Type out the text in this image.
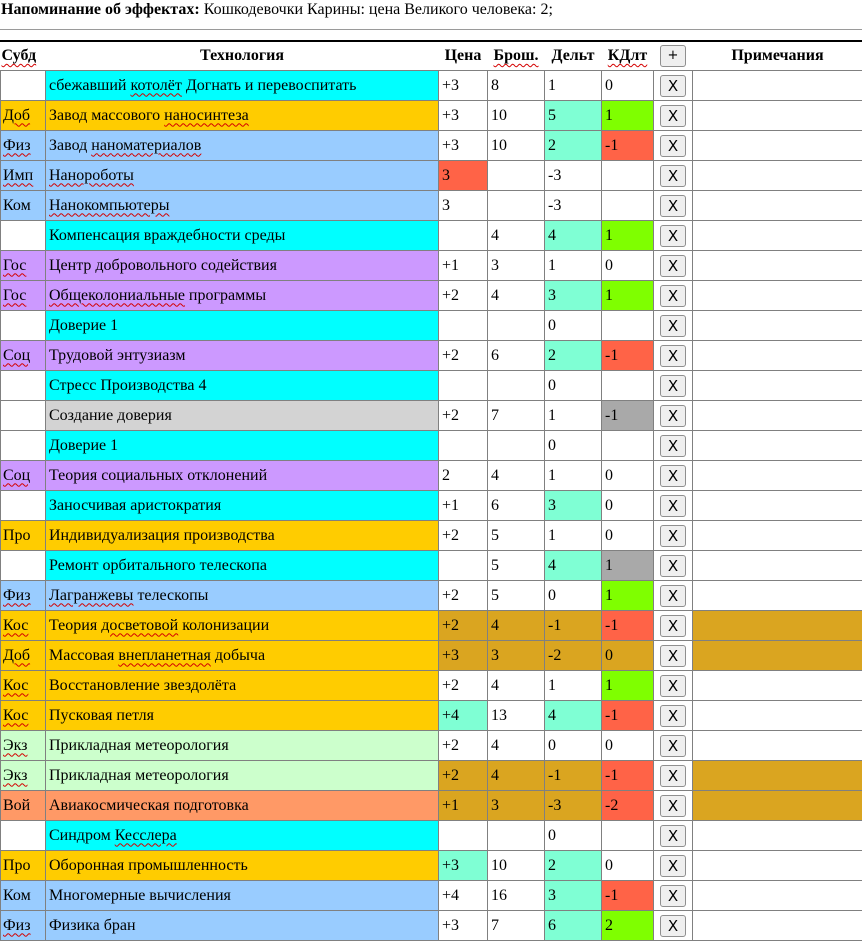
Напоминание об эффектах: Кошкодевочки Карины: цена Великого человека: 2;
Субд	Технология	Цена	Брош.	Дельт	КДлт	+	Примечания
	сбежавший котолёт Догнать и перевоспитать	+3	8	1	0	X	
Доб	Завод массового наносинтеза	+3	10	5	1	X	
Физ	Завод наноматериалов	+3	10	2	-1	X	
Имп	Нанороботы	3		-3		X	
Ком	Нанокомпьютеры	3		-3		X	
	Компенсация враждебности среды		4	4	1	X	
Гос	Центр добровольного содействия	+1	3	1	0	X	
Гос	Общеколониальные программы	+2	4	3	1	X	
	Доверие 1			0		X	
Соц	Трудовой энтузиазм	+2	6	2	-1	X	
	Стресс Производства 4			0		X	
	Создание доверия	+2	7	1	-1	X	
	Доверие 1			0		X	
Соц	Теория социальных отклонений	2	4	1	0	X	
	Заносчивая аристократия	+1	6	3	0	X	
Про	Индивидуализация производства	+2	5	1	0	X	
	Ремонт орбитального телескопа		5	4	1	X	
Физ	Лагранжевы телескопы	+2	5	0	1	X	
Кос	Теория досветовой колонизации	+2	4	-1	-1	X	
Доб	Массовая внепланетная добыча	+3	3	-2	0	X	
Кос	Восстановление звездолёта	+2	4	1	1	X	
Кос	Пусковая петля	+4	13	4	-1	X	
Экз	Прикладная метеорология	+2	4	0	0	X	
Экз	Прикладная метеорология	+2	4	-1	-1	X	
Вой	Авиакосмическая подготовка	+1	3	-3	-2	X	
	Синдром Кесслера			0		X	
Про	Оборонная промышленность	+3	10	2	0	X	
Ком	Многомерные вычисления	+4	16	3	-1	X	
Физ	Физика бран	+3	7	6	2	X	
